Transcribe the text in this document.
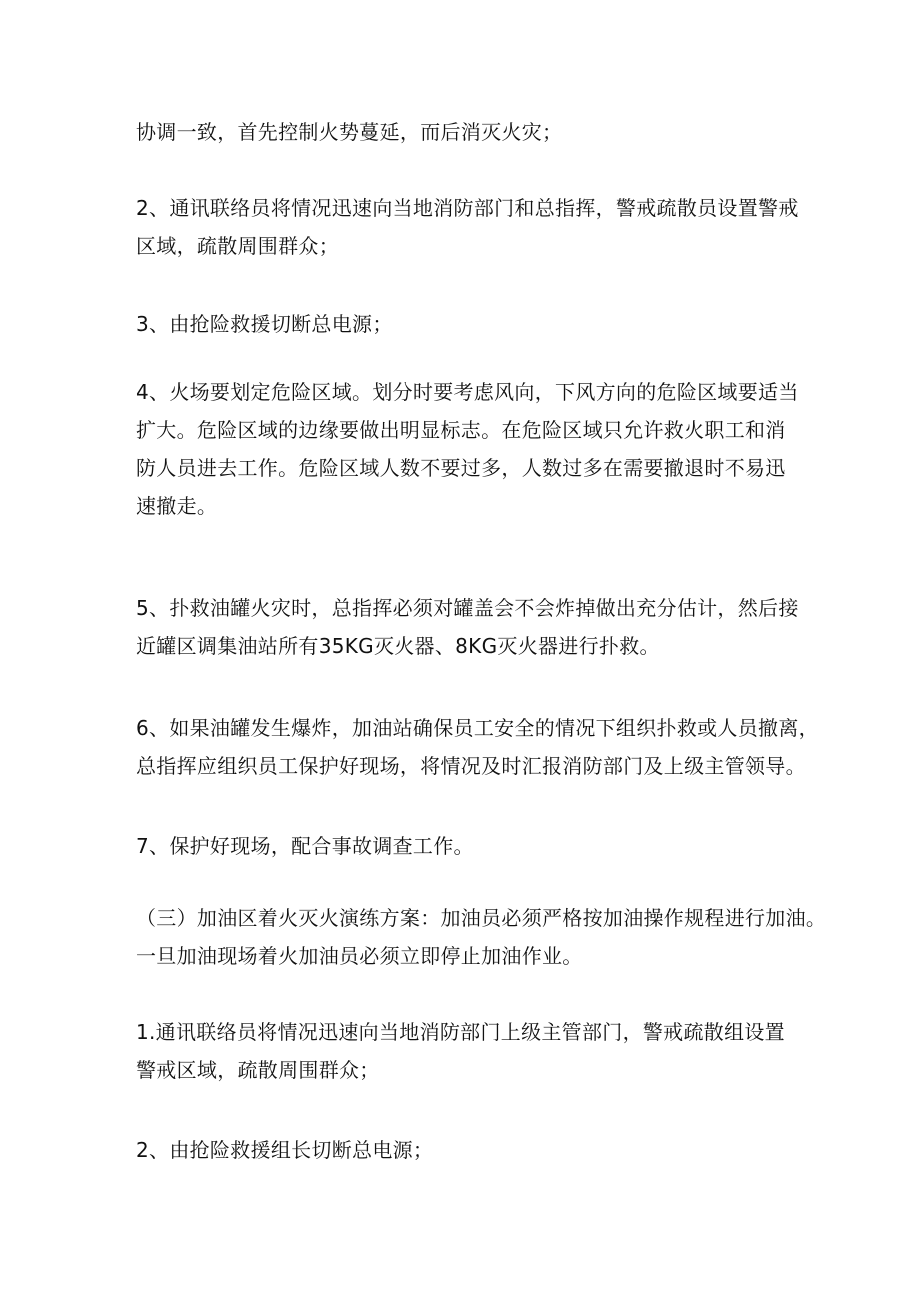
协调一致，首先控制火势蔓延，而后消灭火灾；

2、通讯联络员将情况迅速向当地消防部门和总指挥，警戒疏散员设置警戒
区域，疏散周围群众；

3、由抢险救援切断总电源；

4、火场要划定危险区域。划分时要考虑风向，下风方向的危险区域要适当
扩大。危险区域的边缘要做出明显标志。在危险区域只允许救火职工和消
防人员进去工作。危险区域人数不要过多，人数过多在需要撤退时不易迅
速撤走。

5、扑救油罐火灾时，总指挥必须对罐盖会不会炸掉做出充分估计，然后接
近罐区调集油站所有35KG灭火器、8KG灭火器进行扑救。

6、如果油罐发生爆炸，加油站确保员工安全的情况下组织扑救或人员撤离，
总指挥应组织员工保护好现场，将情况及时汇报消防部门及上级主管领导。

7、保护好现场，配合事故调查工作。

（三）加油区着火灭火演练方案：加油员必须严格按加油操作规程进行加油。
一旦加油现场着火加油员必须立即停止加油作业。

1.通讯联络员将情况迅速向当地消防部门上级主管部门，警戒疏散组设置
警戒区域，疏散周围群众；

2、由抢险救援组长切断总电源；
